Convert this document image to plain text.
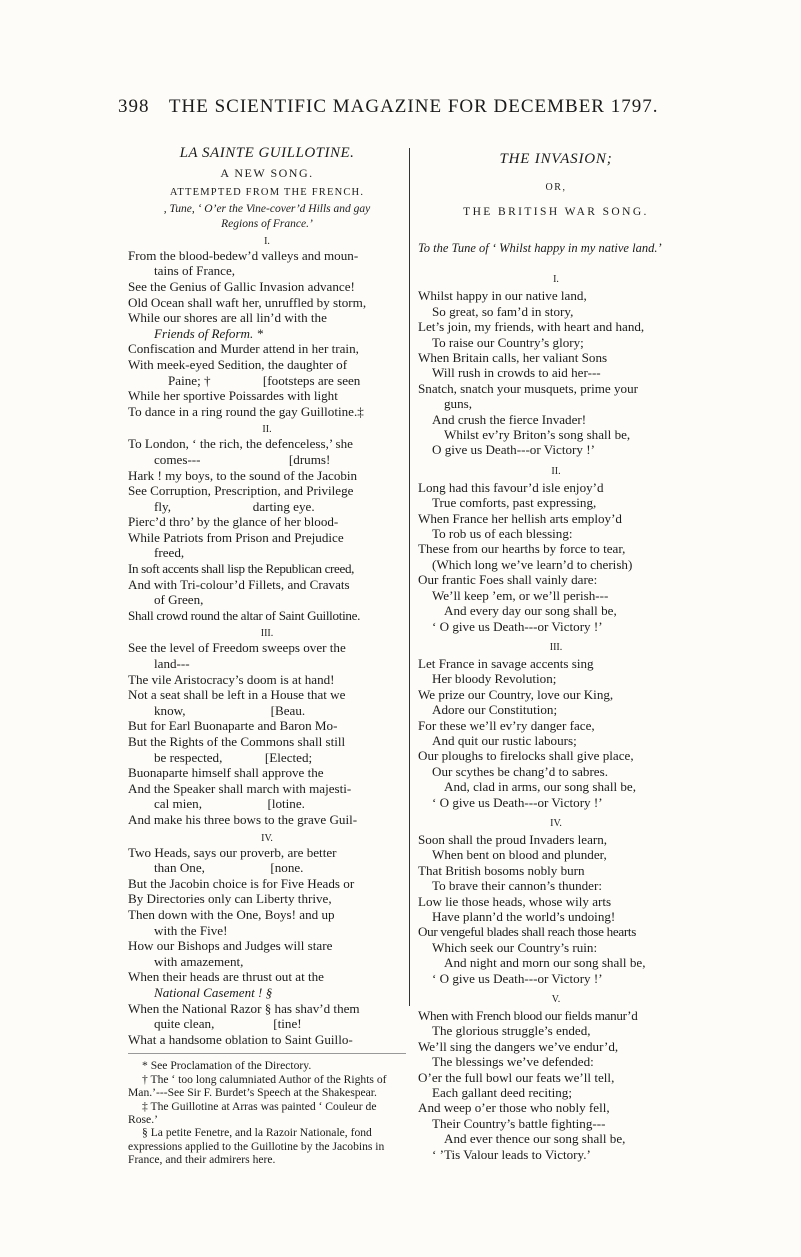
398 THE SCIENTIFIC MAGAZINE FOR DECEMBER 1797.
LA SAINTE GUILLOTINE.
A NEW SONG.
ATTEMPTED FROM THE FRENCH.
, Tune, ‘ O’er the Vine-cover’d Hills and gay
Regions of France.’
I.
From the blood-bedew’d valleys and moun-
tains of France,
See the Genius of Gallic Invasion advance!
Old Ocean shall waft her, unruffled by storm,
While our shores are all lin’d with the
Friends of Reform. *
Confiscation and Murder attend in her train,
With meek-eyed Sedition, the daughter of
Paine; †                [footsteps are seen
While her sportive Poissardes with light
To dance in a ring round the gay Guillotine.‡
II.
To London, ‘ the rich, the defenceless,’ she
comes---                           [drums!
Hark ! my boys, to the sound of the Jacobin
See Corruption, Prescription, and Privilege
fly,                         darting eye.
Pierc’d thro’ by the glance of her blood-
While Patriots from Prison and Prejudice
freed,
In soft accents shall lisp the Republican creed,
And with Tri-colour’d Fillets, and Cravats
of Green,
Shall crowd round the altar of Saint Guillotine.
III.
See the level of Freedom sweeps over the
land---
The vile Aristocracy’s doom is at hand!
Not a seat shall be left in a House that we
know,                          [Beau.
But for Earl Buonaparte and Baron Mo-
But the Rights of the Commons shall still
be respected,             [Elected;
Buonaparte himself shall approve the
And the Speaker shall march with majesti-
cal mien,                    [lotine.
And make his three bows to the grave Guil-
IV.
Two Heads, says our proverb, are better
than One,                    [none.
But the Jacobin choice is for Five Heads or
By Directories only can Liberty thrive,
Then down with the One, Boys! and up
with the Five!
How our Bishops and Judges will stare
with amazement,
When their heads are thrust out at the
National Casement ! §
When the National Razor § has shav’d them
quite clean,                  [tine!
What a handsome oblation to Saint Guillo-
* See Proclamation of the Directory.
† The ‘ too long calumniated Author of the Rights of Man.’---See Sir F. Burdet’s Speech at the Shakespear.
‡ The Guillotine at Arras was painted ‘ Couleur de Rose.’
§ La petite Fenetre, and la Razoir Nationale, fond expressions applied to the Guillotine by the Jacobins in France, and their admirers here.
THE INVASION;
OR,
THE BRITISH WAR SONG.
To the Tune of ‘ Whilst happy in my native land.’
I.
Whilst happy in our native land,
So great, so fam’d in story,
Let’s join, my friends, with heart and hand,
To raise our Country’s glory;
When Britain calls, her valiant Sons
Will rush in crowds to aid her---
Snatch, snatch your musquets, prime your
guns,
And crush the fierce Invader!
Whilst ev’ry Briton’s song shall be,
O give us Death---or Victory !’
II.
Long had this favour’d isle enjoy’d
True comforts, past expressing,
When France her hellish arts employ’d
To rob us of each blessing:
These from our hearths by force to tear,
(Which long we’ve learn’d to cherish)
Our frantic Foes shall vainly dare:
We’ll keep ’em, or we’ll perish---
And every day our song shall be,
‘ O give us Death---or Victory !’
III.
Let France in savage accents sing
Her bloody Revolution;
We prize our Country, love our King,
Adore our Constitution;
For these we’ll ev’ry danger face,
And quit our rustic labours;
Our ploughs to firelocks shall give place,
Our scythes be chang’d to sabres.
And, clad in arms, our song shall be,
‘ O give us Death---or Victory !’
IV.
Soon shall the proud Invaders learn,
When bent on blood and plunder,
That British bosoms nobly burn
To brave their cannon’s thunder:
Low lie those heads, whose wily arts
Have plann’d the world’s undoing!
Our vengeful blades shall reach those hearts
Which seek our Country’s ruin:
And night and morn our song shall be,
‘ O give us Death---or Victory !’
V.
When with French blood our fields manur’d
The glorious struggle’s ended,
We’ll sing the dangers we’ve endur’d,
The blessings we’ve defended:
O’er the full bowl our feats we’ll tell,
Each gallant deed reciting;
And weep o’er those who nobly fell,
Their Country’s battle fighting---
And ever thence our song shall be,
‘ ’Tis Valour leads to Victory.’
